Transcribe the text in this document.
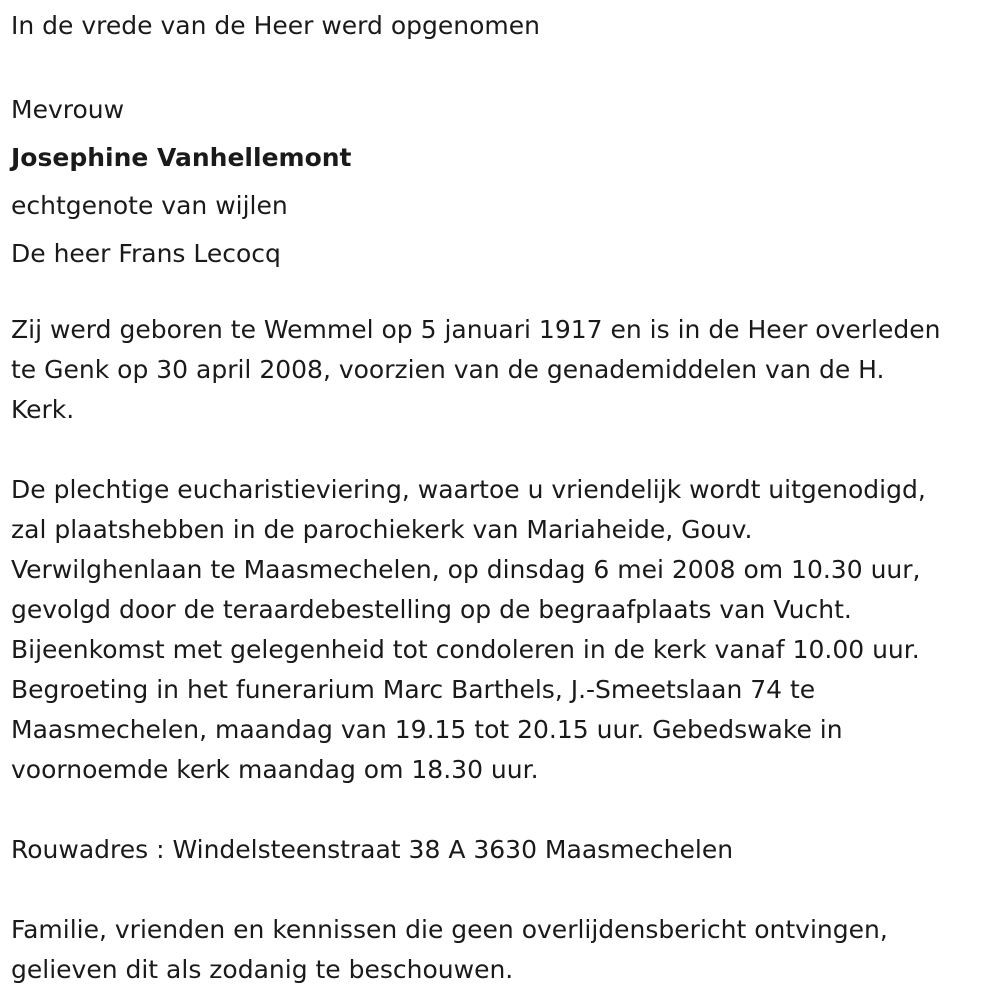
In de vrede van de Heer werd opgenomen
Mevrouw
Josephine Vanhellemont
echtgenote van wijlen
De heer Frans Lecocq
Zij werd geboren te Wemmel op 5 januari 1917 en is in de Heer overleden
te Genk op 30 april 2008, voorzien van de genademiddelen van de H.
Kerk.
De plechtige eucharistieviering, waartoe u vriendelijk wordt uitgenodigd,
zal plaatshebben in de parochiekerk van Mariaheide, Gouv.
Verwilghenlaan te Maasmechelen, op dinsdag 6 mei 2008 om 10.30 uur,
gevolgd door de teraardebestelling op de begraafplaats van Vucht.
Bijeenkomst met gelegenheid tot condoleren in de kerk vanaf 10.00 uur.
Begroeting in het funerarium Marc Barthels, J.-Smeetslaan 74 te
Maasmechelen, maandag van 19.15 tot 20.15 uur. Gebedswake in
voornoemde kerk maandag om 18.30 uur.
Rouwadres : Windelsteenstraat 38 A 3630 Maasmechelen
Familie, vrienden en kennissen die geen overlijdensbericht ontvingen,
gelieven dit als zodanig te beschouwen.
